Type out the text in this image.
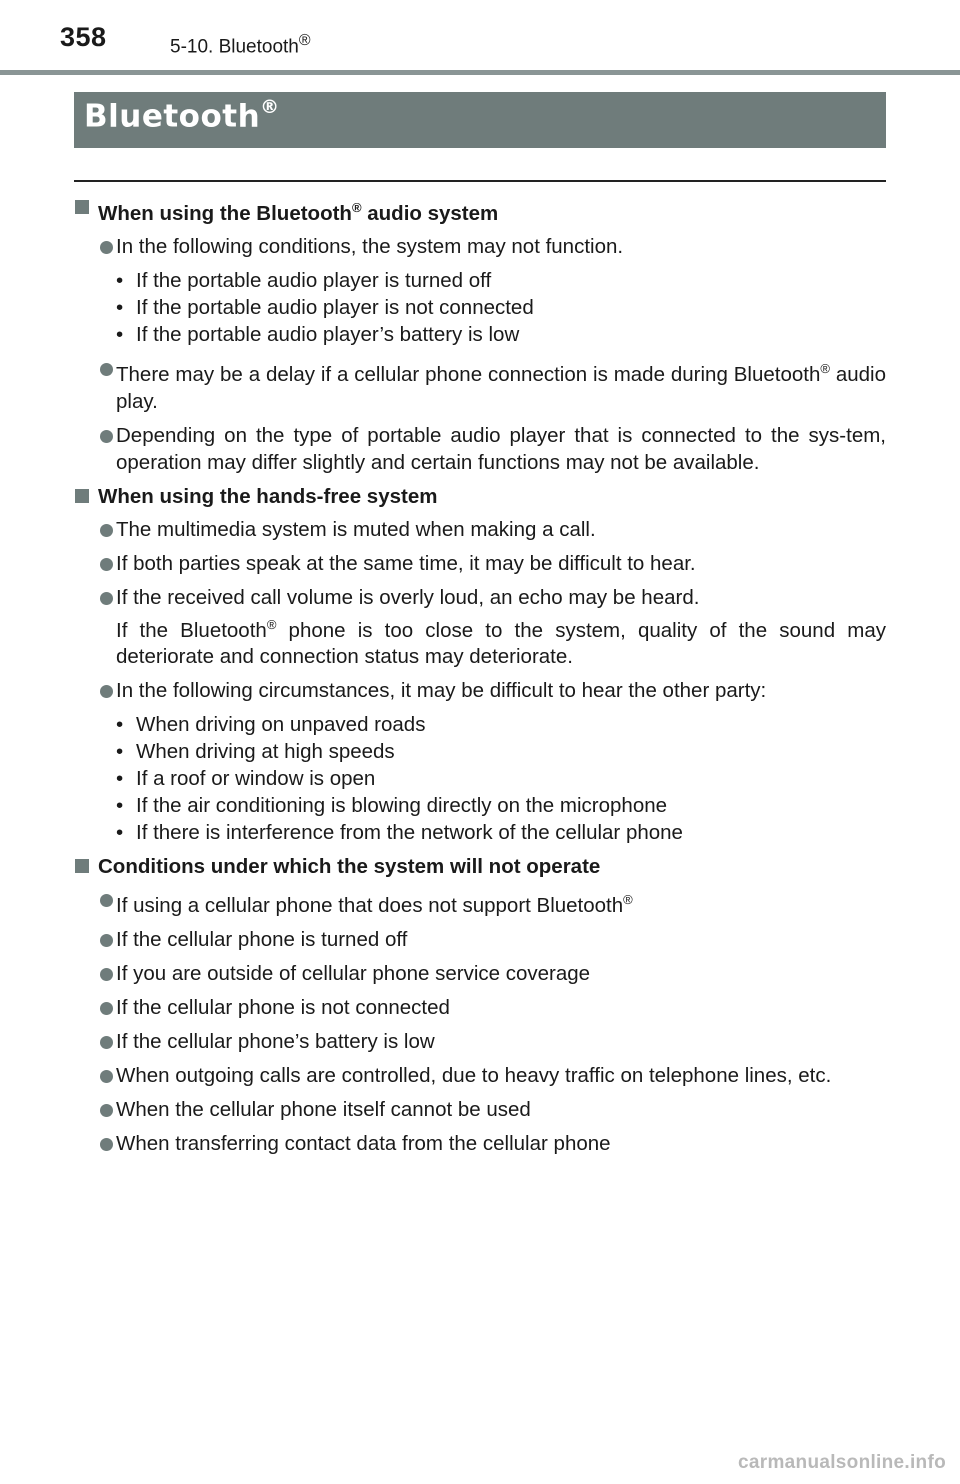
358	5-10. Bluetooth®
Bluetooth®
When using the Bluetooth® audio system
In the following conditions, the system may not function.
• If the portable audio player is turned off
• If the portable audio player is not connected
• If the portable audio player’s battery is low
There may be a delay if a cellular phone connection is made during Bluetooth® audio play.
Depending on the type of portable audio player that is connected to the sys-tem, operation may differ slightly and certain functions may not be available.
When using the hands-free system
The multimedia system is muted when making a call.
If both parties speak at the same time, it may be difficult to hear.
If the received call volume is overly loud, an echo may be heard.
If the Bluetooth® phone is too close to the system, quality of the sound may deteriorate and connection status may deteriorate.
In the following circumstances, it may be difficult to hear the other party:
• When driving on unpaved roads
• When driving at high speeds
• If a roof or window is open
• If the air conditioning is blowing directly on the microphone
• If there is interference from the network of the cellular phone
Conditions under which the system will not operate
If using a cellular phone that does not support Bluetooth®
If the cellular phone is turned off
If you are outside of cellular phone service coverage
If the cellular phone is not connected
If the cellular phone’s battery is low
When outgoing calls are controlled, due to heavy traffic on telephone lines, etc.
When the cellular phone itself cannot be used
When transferring contact data from the cellular phone
carmanualsonline.info
